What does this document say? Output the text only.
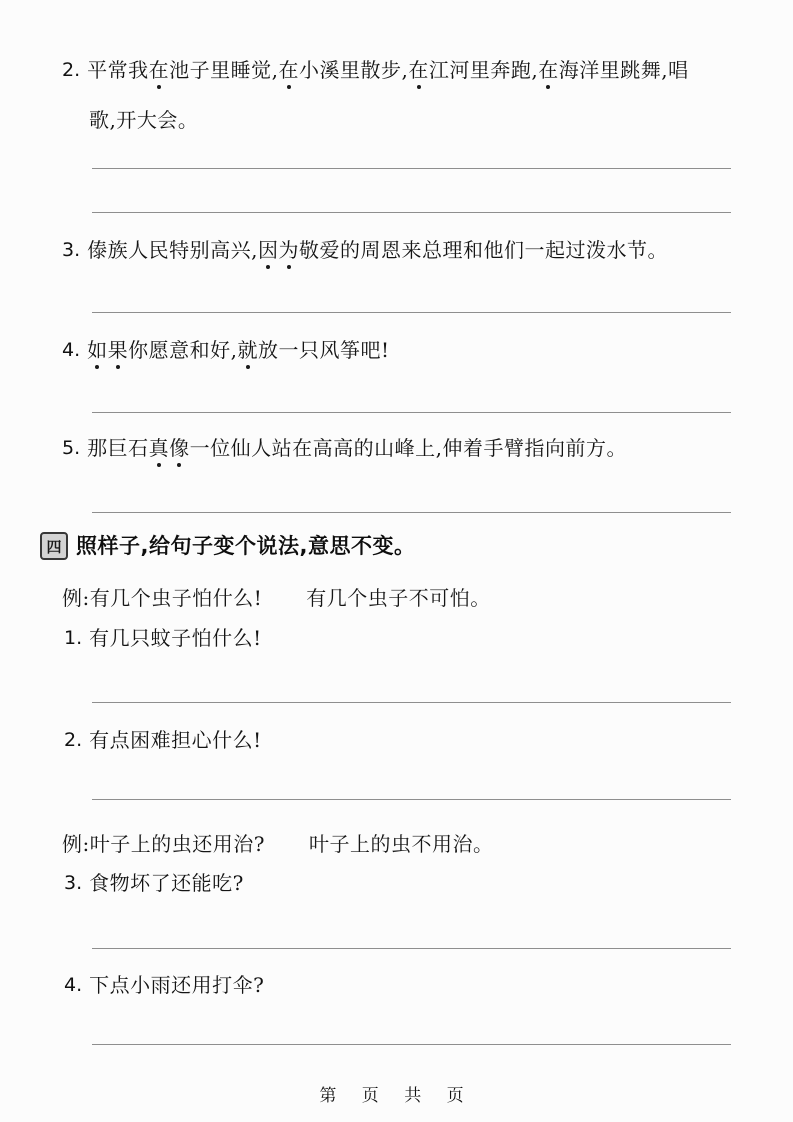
2. 平常我在池子里睡觉,在小溪里散步,在江河里奔跑,在海洋里跳舞,唱
歌,开大会。
3. 傣族人民特别高兴,因为敬爱的周恩来总理和他们一起过泼水节。
4. 如果你愿意和好,就放一只风筝吧!
5. 那巨石真像一位仙人站在高高的山峰上,伸着手臂指向前方。
四 照样子,给句子变个说法,意思不变。
例:有几个虫子怕什么! 有几个虫子不可怕。
1. 有几只蚊子怕什么!
2. 有点困难担心什么!
例:叶子上的虫还用治? 叶子上的虫不用治。
3. 食物坏了还能吃?
4. 下点小雨还用打伞?
第 页 共 页
